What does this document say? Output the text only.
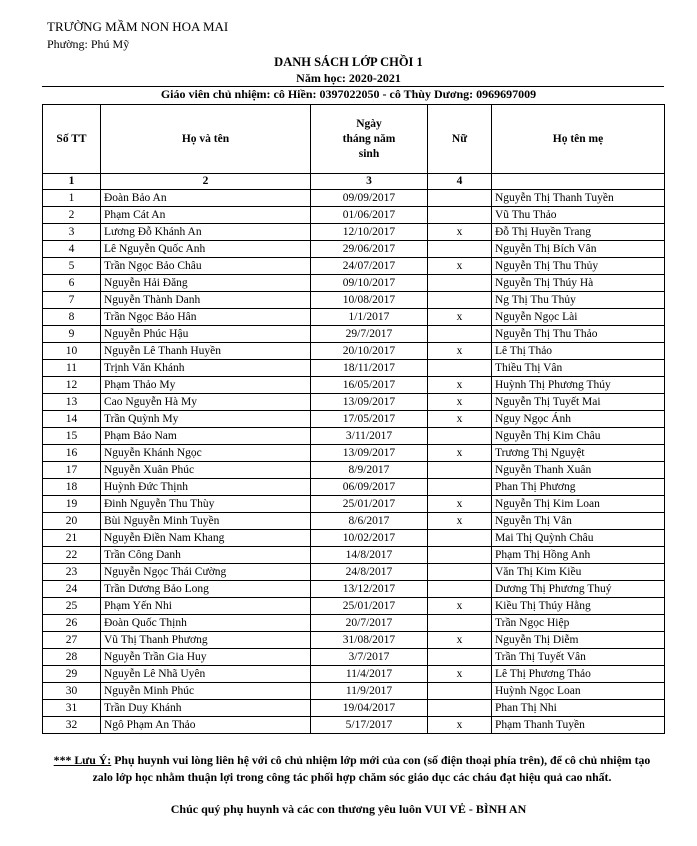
TRƯỜNG MẦM NON HOA MAI
Phường: Phú Mỹ
DANH SÁCH LỚP CHỒI 1
Năm học: 2020-2021
Giáo viên chủ nhiệm: cô Hiền: 0397022050 - cô Thùy Dương: 0969697009
Số TT	Họ và tên	Ngày tháng năm sinh	Nữ	Họ tên mẹ
1	2	3	4	
1	Đoàn Bảo An	09/09/2017		Nguyễn Thị Thanh Tuyền
2	Phạm Cát An	01/06/2017		Vũ Thu Thảo
3	Lương Đỗ Khánh An	12/10/2017	x	Đỗ Thị Huyền Trang
4	Lê Nguyễn Quốc Anh	29/06/2017		Nguyễn Thị Bích Vân
5	Trần Ngọc Bảo Châu	24/07/2017	x	Nguyễn Thị Thu Thủy
6	Nguyễn Hải Đăng	09/10/2017		Nguyễn Thị Thúy Hà
7	Nguyễn Thành Danh	10/08/2017		Ng Thị Thu Thủy
8	Trần Ngọc Bảo Hân	1/1/2017	x	Nguyễn Ngọc Lài
9	Nguyễn Phúc Hậu	29/7/2017		Nguyễn Thị Thu Thảo
10	Nguyễn Lê Thanh Huyền	20/10/2017	x	Lê Thị Thảo
11	Trịnh Văn Khánh	18/11/2017		Thiều Thị Vân
12	Phạm Thảo My	16/05/2017	x	Huỳnh Thị Phương Thúy
13	Cao Nguyễn Hà My	13/09/2017	x	Nguyễn Thị Tuyết Mai
14	Trần Quỳnh My	17/05/2017	x	Nguy Ngọc Ánh
15	Phạm Bảo Nam	3/11/2017		Nguyễn Thị Kim Châu
16	Nguyễn Khánh Ngọc	13/09/2017	x	Trương Thị Nguyệt
17	Nguyễn Xuân Phúc	8/9/2017		Nguyễn Thanh Xuân
18	Huỳnh Đức Thịnh	06/09/2017		Phan Thị Phương
19	Đinh Nguyễn Thu Thùy	25/01/2017	x	Nguyễn Thị Kim Loan
20	Bùi Nguyễn Minh Tuyền	8/6/2017	x	Nguyễn Thị Vân
21	Nguyễn Điền Nam Khang	10/02/2017		Mai Thị Quỳnh Châu
22	Trần Công Danh	14/8/2017		Phạm Thị Hồng Anh
23	Nguyễn Ngọc Thái Cường	24/8/2017		Văn Thị Kim Kiều
24	Trần Dương Bảo Long	13/12/2017		Dương Thị Phương Thuý
25	Phạm Yến Nhi	25/01/2017	x	Kiều Thị Thúy Hằng
26	Đoàn Quốc Thịnh	20/7/2017		Trần Ngọc Hiệp
27	Vũ Thị Thanh Phương	31/08/2017	x	Nguyễn Thị Diễm
28	Nguyễn Trần Gia Huy	3/7/2017		Trần Thị Tuyết Vân
29	Nguyễn Lê Nhã Uyên	11/4/2017	x	Lê Thị Phương Thảo
30	Nguyễn Minh Phúc	11/9/2017		Huỳnh Ngọc Loan
31	Trần Duy Khánh	19/04/2017		Phan Thị Nhi
32	Ngô Phạm An Thảo	5/17/2017	x	Phạm Thanh Tuyền
*** Lưu Ý: Phụ huynh vui lòng liên hệ với cô chủ nhiệm lớp mới của con (số điện thoại phía trên), để cô chủ nhiệm tạo zalo lớp học nhằm thuận lợi trong công tác phối hợp chăm sóc giáo dục các cháu đạt hiệu quả cao nhất.
Chúc quý phụ huynh và các con thương yêu luôn VUI VẺ - BÌNH AN
